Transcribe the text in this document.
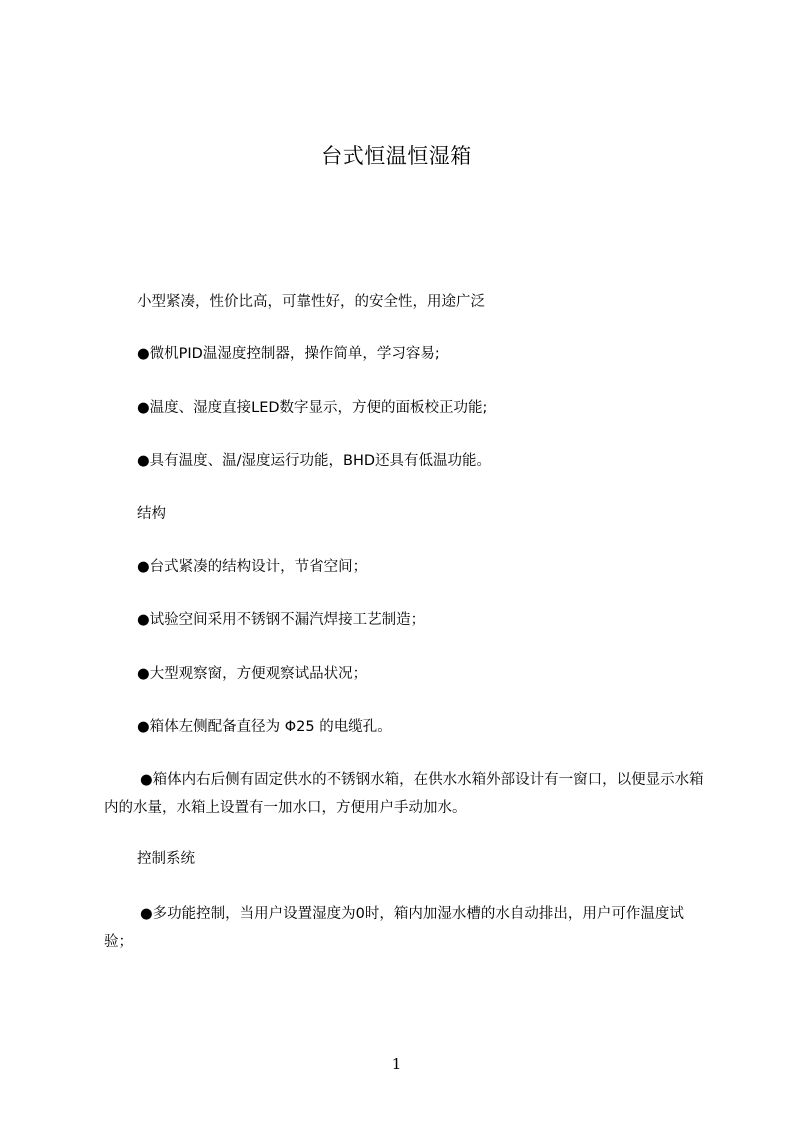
台式恒温恒湿箱
小型紧凑，性价比高，可靠性好，的安全性，用途广泛
●微机PID温湿度控制器，操作简单，学习容易;
●温度、湿度直接LED数字显示，方便的面板校正功能;
●具有温度、温/湿度运行功能，BHD还具有低温功能。
结构
●台式紧凑的结构设计，节省空间；
●试验空间采用不锈钢不漏汽焊接工艺制造；
●大型观察窗，方便观察试品状况；
●箱体左侧配备直径为 Φ25 的电缆孔。
●箱体内右后侧有固定供水的不锈钢水箱，在供水水箱外部设计有一窗口，以便显示水箱内的水量，水箱上设置有一加水口，方便用户手动加水。
控制系统
●多功能控制，当用户设置湿度为0时，箱内加湿水槽的水自动排出，用户可作温度试验；
1
